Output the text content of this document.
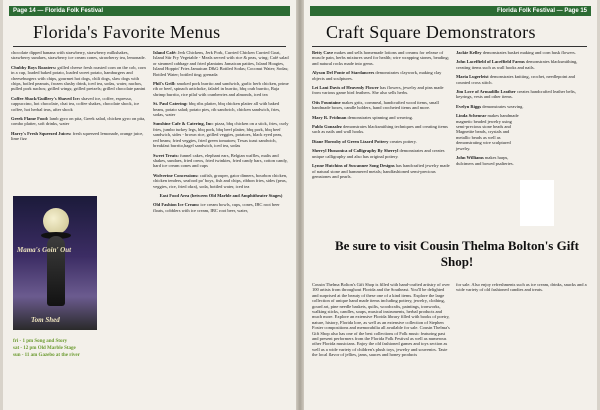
Page 14 — Florida Folk Festival
Florida's Favorite Menus

chocolate dipped banana with strawberry, strawberry milkshakes, strawberry sundaes, strawberry ice cream cones, strawberry tea, lemonade.

Chubby Boys Roasters: grilled cheese fresh roasted corn on the cob, corn in a cup, loaded baked potato, loaded sweet potato, hamburgers and cheeseburgers with chips, gourmet hot dogs, chili dogs, slaw dogs with chips, boiled peanuts, frozen slushy drink, iced tea, sodas, water, nachos, pulled pork nachos; grilled wings; grilled pretzels; grilled chocolate panini

Coffee Shack/Guillery's Shaved Ice: shaved ice, coffee, espresso, cappuccino, hot chocolate, chai tea, coffee shakes, chocolate shock, ice coffee, hot herbal teas, after shock

Greek Flame Food: lamb gyro on pita, Greek salad, chicken gyro on pita, combo platter, soft drinks, water

Harry's Fresh Squeezed Juices: fresh squeezed lemonade, orange juice, lime fizz

Mama's Goin' Out
Tom Shed
fri - 1 pm Song and Story
sat - 12 pm Old Marble Stage
sun - 11 am Gazebo at the river

Island Café: Jerk Chickens, Jerk Pork, Curried Chicken Curried Goat, Island Stir Fry Vegetable - Meals served with rice & peas, wing; Café salad or steamed cabbage and fried plantains Jamaican patties, Island Hoagies, Island Hoppin' Fries Jamaican D&G Bottled Sodas; Coconut Water; Sodas; Bottled Water; bottled ting; grenada

Phil's Grill: smoked pork burrito and sandwich, garlic herb chicken, prime rib or beef, spinach artichoke, falafel in burrito, bbq crab burrito, Baja shrimp burrito, rice pilaf with cranberries and almonds, iced tea

St. Paul Catering: bbq ribs platter, bbq chicken platter all with baked beans, potato salad; potato pies, rib sandwich, chicken sandwich, fries, sodas, water

Sunshine Cafe & Catering, Inc: pizza, bbq chicken on a stick, fries, curly fries, jumbo turkey legs, bbq pork, bbq beef platter, bbq pork, bbq beef sandwich, sides - brown rice, grilled veggies, potatoes, black eyed peas, red beans; fried veggies, fried green tomatoes; Texas toast sandwich, breakfast burrito,bagel sandwich, iced tea, sodas

Sweet Treats: funnel cakes, elephant ears, Belgian waffles, malts and shakes, sundaes, fried oreos, fried twinkies, fried candy bars, cotton candy, hard ice cream cones and cups

Wolverine Concessions: catfish, grouper, gator dinners, bourbon chicken, chicken tenders, seafood po' boys, fish and chips, ribbon fries, sides (peas, veggies, rice, fried okra), soda, bottled water, iced tea

East Food Area (between Old Marble and Amphitheater Stages)

Old Fashion Ice Cream: ice cream bowls, cups, cones, IBC root beer floats, cobblers with ice cream, IBC root beer, water,

Florida Folk Festival — Page 15
Craft Square Demonstrators

Betty Cave makes and sells homemade lotions and creams for release of muscle pain, herbs mixtures used for health; wire wrapping stones, beading; and natural rocks made into gems.

Alyson Del Ponte of Stardancers demonstrates claywork, making clay objects and sculptures.

Lei Lani Davis of Heavenly Flower has flowers, jewelry and pins made from various game bird feathers. She also sells herbs.

Otis Fountaine makes grits, cornmeal, handcrafted wood items, small handmade boxes, candle holders, hand crocheted items and more.

Mary R. Fridman demonstrates spinning and weaving.

Pablo Gonzalez demonstrates blacksmithing techniques and creating items such as nails and wall hooks.

Diane Hornsby of Green Lizard Pottery creates pottery.

Sherryl Hussonica of Calligraphy By Sherryl demonstrates and creates unique calligraphy and also has original pottery.

Lynne Hutchins of Suwannee Song Designs has handcrafted jewelry made of natural stone and hammered metals; handfashioned semi-precious gemstones and pearls.

Jackie Kelley demonstrates basket making and corn husk flowers.

John Laceffield of Laceffield Farms demonstrates blacksmithing, creating items such as wall hooks and nails.

Maria Lugerleist demonstrates knitting, crochet, needlepoint and counted cross stitch.

Jim Love of Armadillo Leather creates handcrafted leather belts, keyrings, vests and other items.

Evelyn Riggs demonstrates weaving.

Linda Schenrar makes handmade magnetic beaded jewelry using semi-precious stone beads and Magnetite beads, crystals and metallic beads as well as demonstrating wire sculptured jewelry.

John Williams makes harps, dulcimers and bowed psalteries.

Be sure to visit Cousin Thelma Bolton's Gift Shop!

Cousin Thelma Bolton's Gift Shop is filled with hand-crafted artistry of over 100 artists from throughout Florida and the Southeast. You'll be delighted and surprised at the beauty of these one of a kind items. Explore the large collection of unique hand made items including pottery, jewelry, clothing, gourd art, pine needle baskets, quilts, woodcrafts, paintings, ironworks, walking sticks, candles, soaps, musical instruments, herbal products and much more. Explore an extensive Florida library filled with books of poetry, nature, history, Florida lore, as well as an extensive collection of Stephen Foster compositions and memorabilia all available for sale. Cousin Thelma's Gift Shop also has one of the best collections of Folk music featuring past and present performers from the Florida Folk Festival as well as numerous other Florida musicians. Enjoy the old fashioned games and toys section as well as a wide variety of children's plush toys, jewelry and souvenirs. Taste the local flavor of jellies, jams, sauces and honey products

for sale. Also enjoy refreshments such as ice cream, drinks, snacks and a wide variety of old fashioned candies and treats.
